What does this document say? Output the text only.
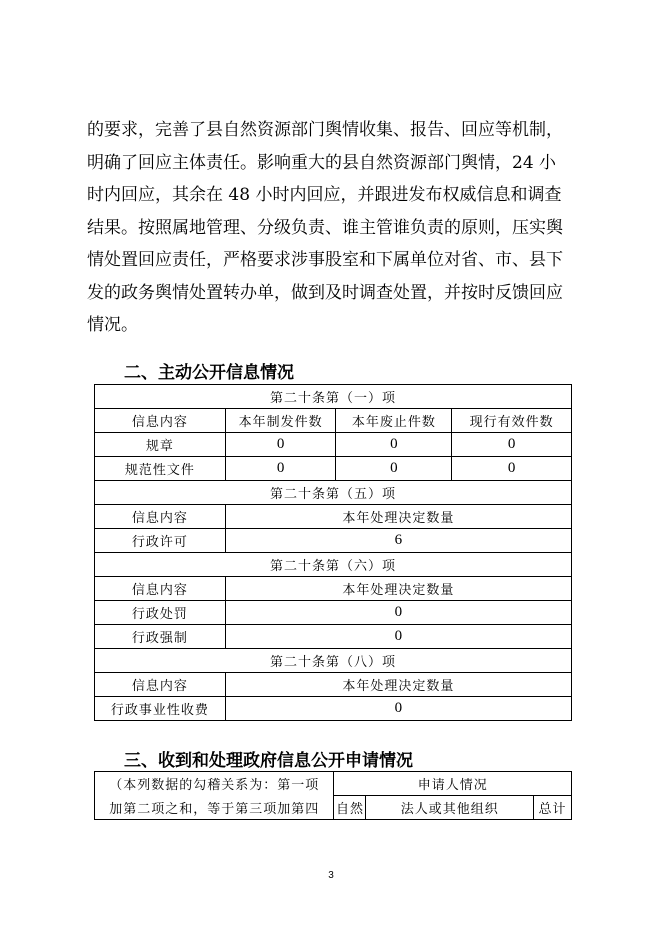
的要求，完善了县自然资源部门舆情收集、报告、回应等机制，
明确了回应主体责任。影响重大的县自然资源部门舆情，24 小
时内回应，其余在 48 小时内回应，并跟进发布权威信息和调查
结果。按照属地管理、分级负责、谁主管谁负责的原则，压实舆
情处置回应责任，严格要求涉事股室和下属单位对省、市、县下
发的政务舆情处置转办单，做到及时调查处置，并按时反馈回应
情况。
二、主动公开信息情况
第二十条第（一）项			
信息内容	本年制发件数	本年废止件数	现行有效件数
规章	0	0	0
规范性文件	0	0	0
第二十条第（五）项			
信息内容	本年处理决定数量		
行政许可	6		
第二十条第（六）项			
信息内容	本年处理决定数量		
行政处罚	0		
行政强制	0		
第二十条第（八）项			
信息内容	本年处理决定数量		
行政事业性收费	0		
三、收到和处理政府信息公开申请情况
（本列数据的勾稽关系为：第一项	申请人情况		
加第二项之和，等于第三项加第四	自然	法人或其他组织	总计
3
